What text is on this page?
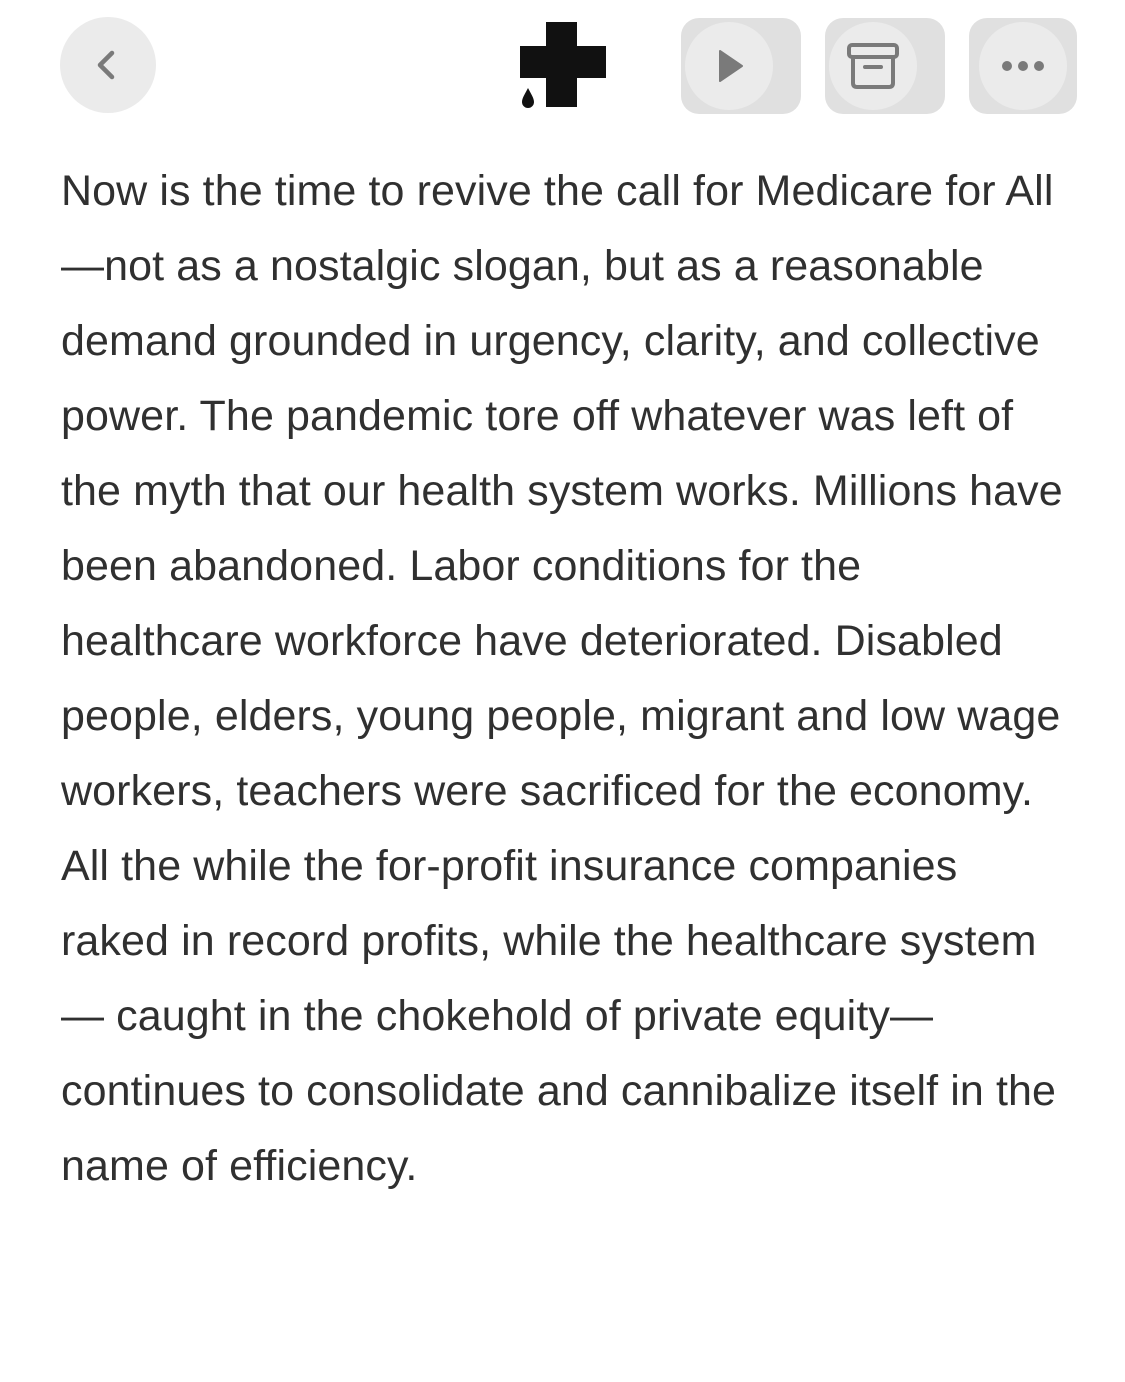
Now is the time to revive the call for Medicare for All—not as a nostalgic slogan, but as a reasonable demand grounded in urgency, clarity, and collective power. The pandemic tore off whatever was left of the myth that our health system works. Millions have been abandoned. Labor conditions for the healthcare workforce have deteriorated. Disabled people, elders, young people, migrant and low wage workers, teachers were sacrificed for the economy. All the while the for-profit insurance companies raked in record profits, while the healthcare system— caught in the chokehold of private equity— continues to consolidate and cannibalize itself in the name of efficiency.
